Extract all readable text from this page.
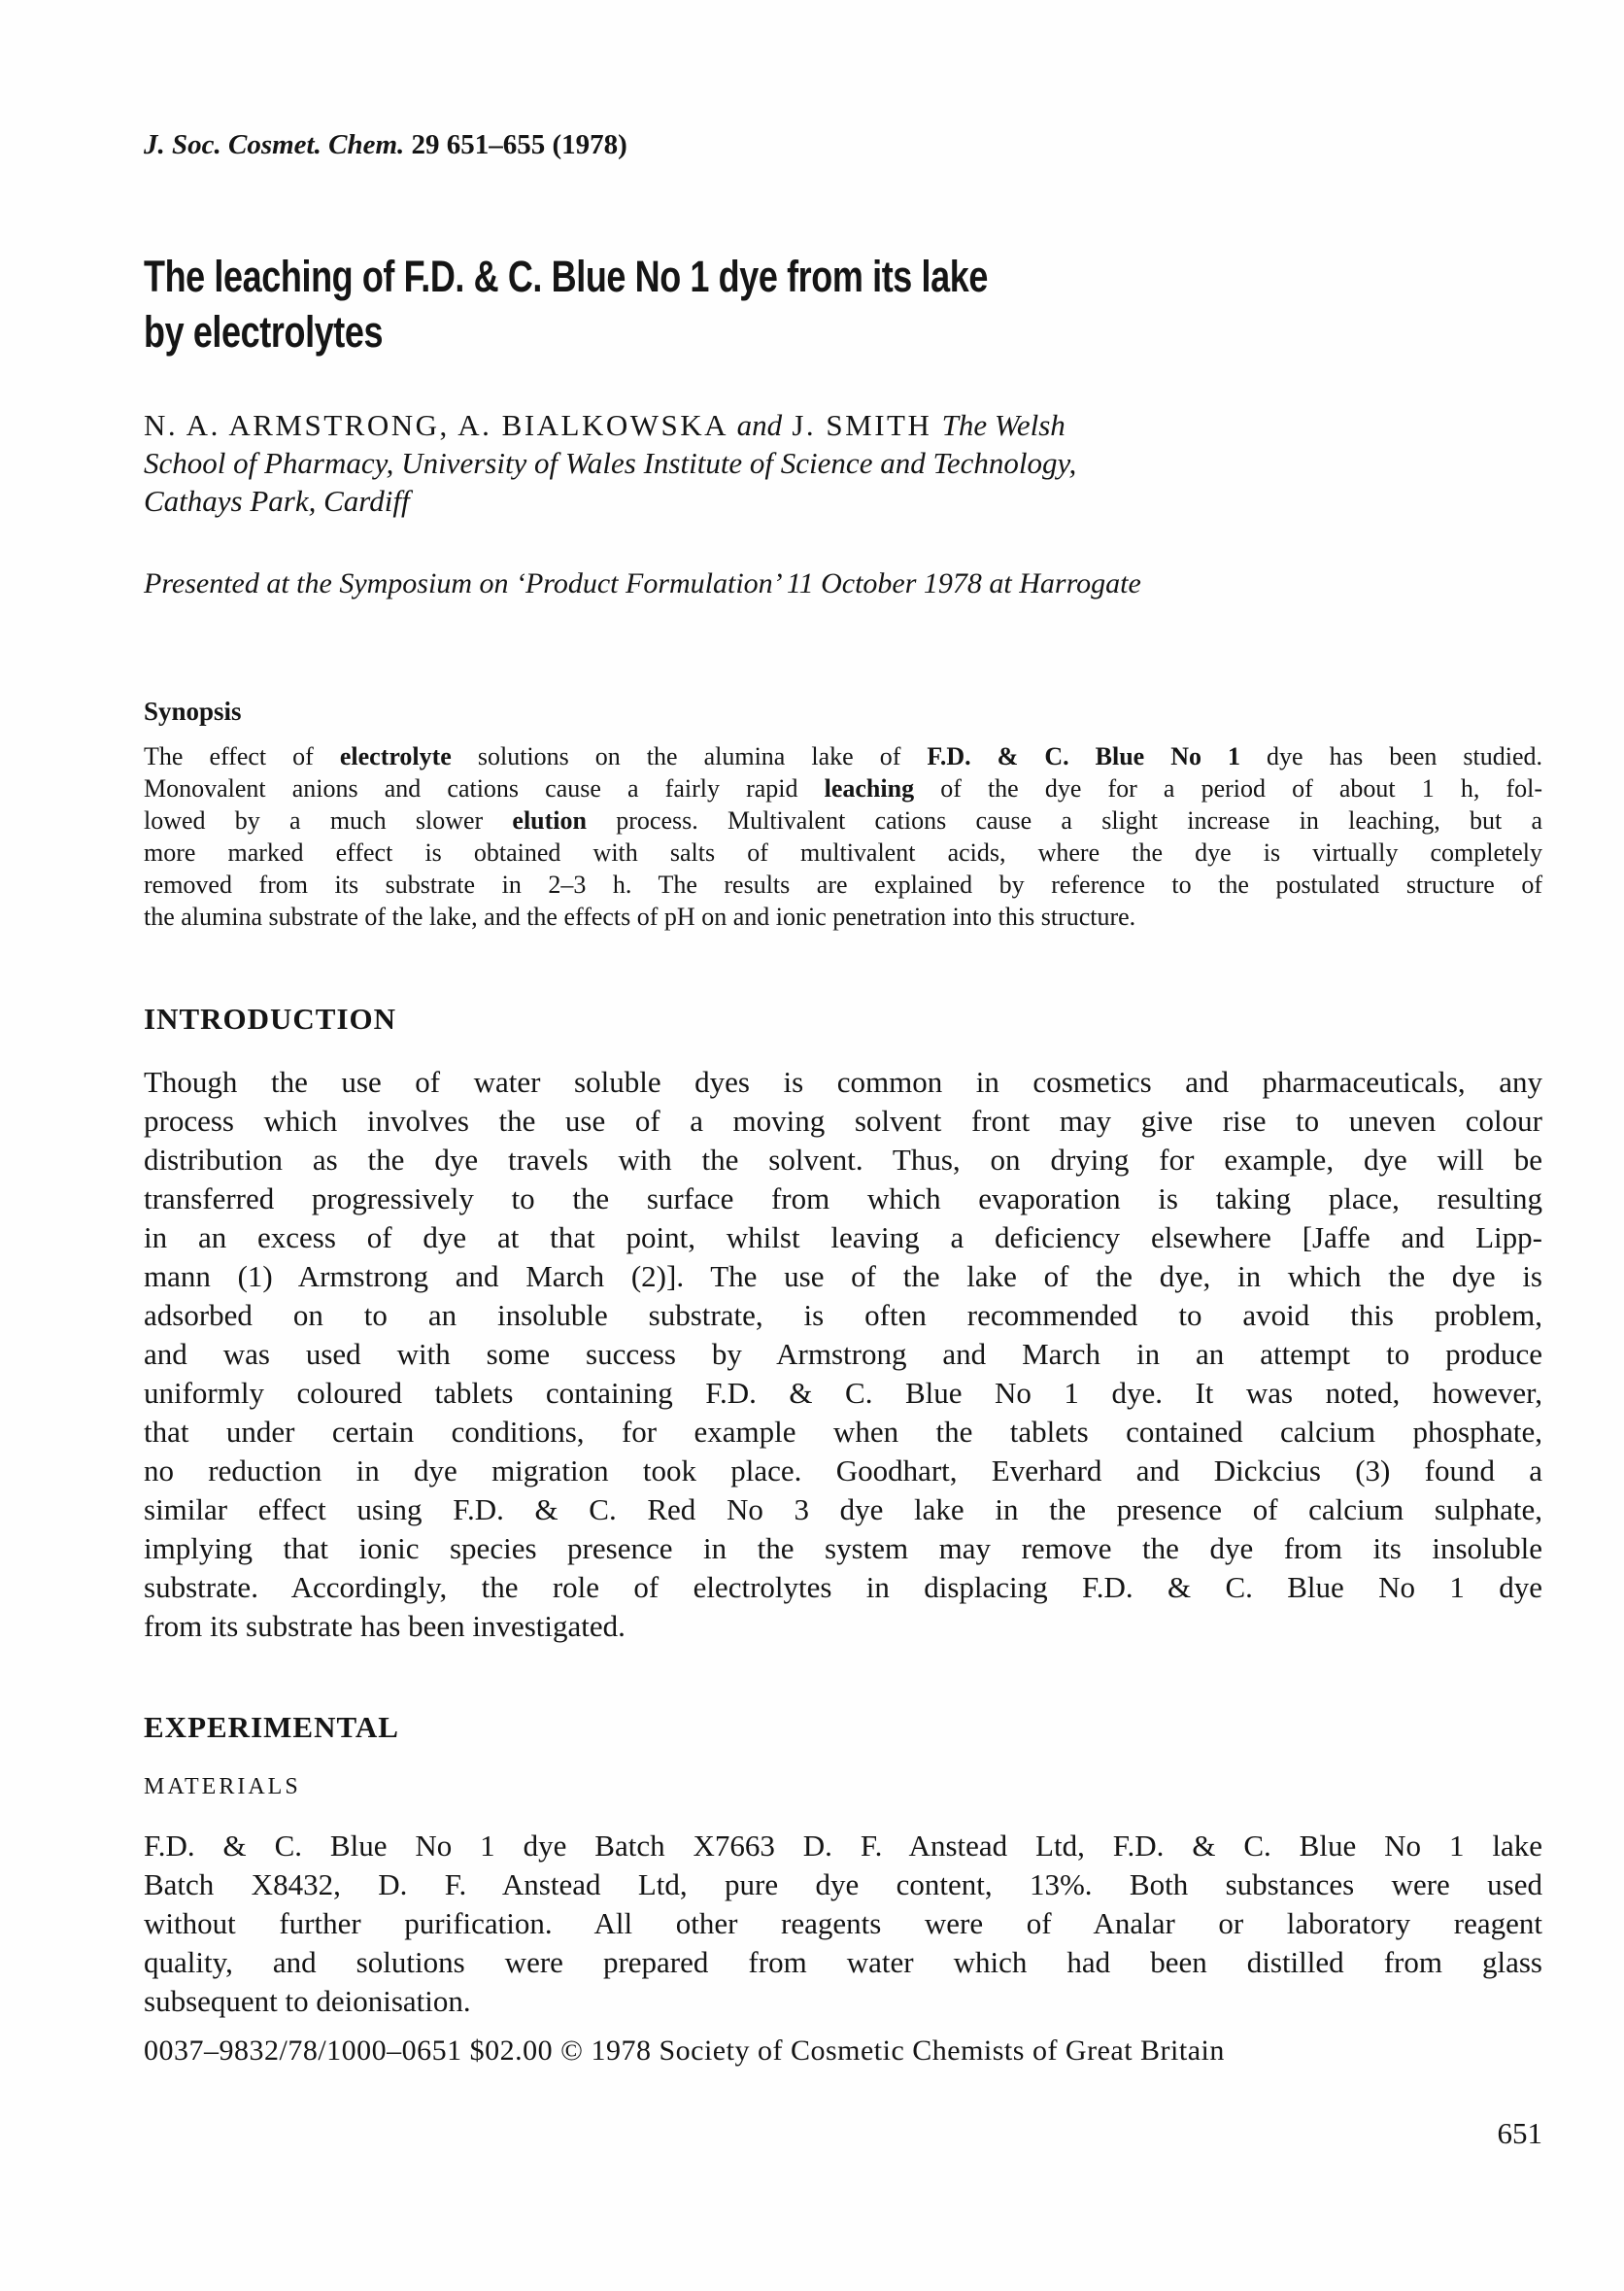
J. Soc. Cosmet. Chem. 29 651–655 (1978)
The leaching of F.D. & C. Blue No 1 dye from its lake
by electrolytes
N. A. ARMSTRONG, A. BIALKOWSKA and J. SMITH The Welsh
School of Pharmacy, University of Wales Institute of Science and Technology,
Cathays Park, Cardiff
Presented at the Symposium on ‘Product Formulation’ 11 October 1978 at Harrogate
Synopsis
The effect of electrolyte solutions on the alumina lake of F.D. & C. Blue No 1 dye has been studied.
Monovalent anions and cations cause a fairly rapid leaching of the dye for a period of about 1 h, fol-
lowed by a much slower elution process. Multivalent cations cause a slight increase in leaching, but a
more marked effect is obtained with salts of multivalent acids, where the dye is virtually completely
removed from its substrate in 2–3 h. The results are explained by reference to the postulated structure of
the alumina substrate of the lake, and the effects of pH on and ionic penetration into this structure.
INTRODUCTION
Though the use of water soluble dyes is common in cosmetics and pharmaceuticals, any
process which involves the use of a moving solvent front may give rise to uneven colour
distribution as the dye travels with the solvent. Thus, on drying for example, dye will be
transferred progressively to the surface from which evaporation is taking place, resulting
in an excess of dye at that point, whilst leaving a deficiency elsewhere [Jaffe and Lipp-
mann (1) Armstrong and March (2)]. The use of the lake of the dye, in which the dye is
adsorbed on to an insoluble substrate, is often recommended to avoid this problem,
and was used with some success by Armstrong and March in an attempt to produce
uniformly coloured tablets containing F.D. & C. Blue No 1 dye. It was noted, however,
that under certain conditions, for example when the tablets contained calcium phosphate,
no reduction in dye migration took place. Goodhart, Everhard and Dickcius (3) found a
similar effect using F.D. & C. Red No 3 dye lake in the presence of calcium sulphate,
implying that ionic species presence in the system may remove the dye from its insoluble
substrate. Accordingly, the role of electrolytes in displacing F.D. & C. Blue No 1 dye
from its substrate has been investigated.
EXPERIMENTAL
MATERIALS
F.D. & C. Blue No 1 dye Batch X7663 D. F. Anstead Ltd, F.D. & C. Blue No 1 lake
Batch X8432, D. F. Anstead Ltd, pure dye content, 13%. Both substances were used
without further purification. All other reagents were of Analar or laboratory reagent
quality, and solutions were prepared from water which had been distilled from glass
subsequent to deionisation.
0037–9832/78/1000–0651 $02.00 © 1978 Society of Cosmetic Chemists of Great Britain
651
